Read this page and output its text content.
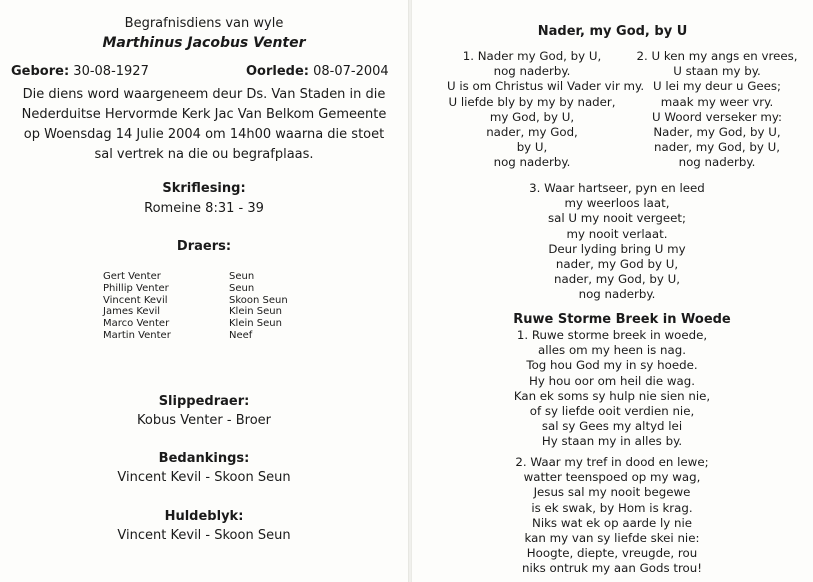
Begrafnisdiens van wyle
Marthinus Jacobus Venter
Gebore: 30-08-1927	Oorlede: 08-07-2004
Die diens word waargeneem deur Ds. Van Staden in die
Nederduitse Hervormde Kerk Jac Van Belkom Gemeente
op Woensdag 14 Julie 2004 om 14h00 waarna die stoet
sal vertrek na die ou begrafplaas.
Skriflesing:
Romeine 8:31 - 39
Draers:
Gert Venter
Phillip Venter
Vincent Kevil
James Kevil
Marco Venter
Martin Venter
Seun
Seun
Skoon Seun
Klein Seun
Klein Seun
Neef
Slippedraer:
Kobus Venter - Broer
Bedankings:
Vincent Kevil - Skoon Seun
Huldeblyk:
Vincent Kevil - Skoon Seun
Nader, my God, by U
1. Nader my God, by U,
nog naderby.
U is om Christus wil Vader vir my.
U liefde bly by my by nader,
my God, by U,
nader, my God,
by U,
nog naderby.
2. U ken my angs en vrees,
U staan my by.
U lei my deur u Gees;
maak my weer vry.
U Woord verseker my:
Nader, my God, by U,
nader, my God, by U,
nog naderby.
3. Waar hartseer, pyn en leed
my weerloos laat,
sal U my nooit vergeet;
my nooit verlaat.
Deur lyding bring U my
nader, my God by U,
nader, my God, by U,
nog naderby.
Ruwe Storme Breek in Woede
1. Ruwe storme breek in woede,
alles om my heen is nag.
Tog hou God my in sy hoede.
Hy hou oor om heil die wag.
Kan ek soms sy hulp nie sien nie,
of sy liefde ooit verdien nie,
sal sy Gees my altyd lei
Hy staan my in alles by.
2. Waar my tref in dood en lewe;
watter teenspoed op my wag,
Jesus sal my nooit begewe
is ek swak, by Hom is krag.
Niks wat ek op aarde ly nie
kan my van sy liefde skei nie:
Hoogte, diepte, vreugde, rou
niks ontruk my aan Gods trou!
